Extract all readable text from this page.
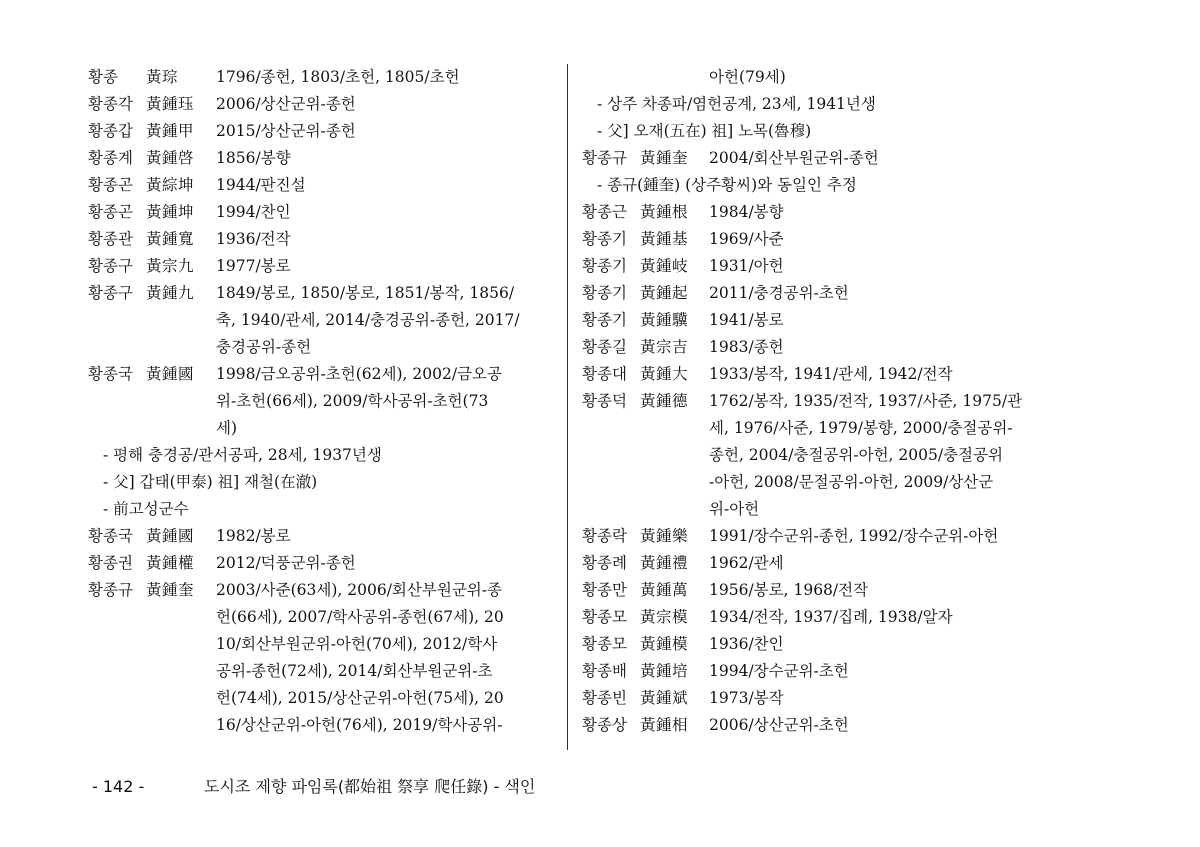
황종 黃琮 1796/종헌, 1803/초헌, 1805/초헌
황종각 黃鍾珏 2006/상산군위-종헌
황종갑 黃鍾甲 2015/상산군위-종헌
황종계 黃鍾啓 1856/봉향
황종곤 黃綜坤 1944/판진설
황종곤 黃鍾坤 1994/찬인
황종관 黃鍾寬 1936/전작
황종구 黃宗九 1977/봉로
황종구 黃鍾九 1849/봉로, 1850/봉로, 1851/봉작, 1856/
축, 1940/관세, 2014/충경공위-종헌, 2017/
충경공위-종헌
황종국 黃鍾國 1998/금오공위-초헌(62세), 2002/금오공
위-초헌(66세), 2009/학사공위-초헌(73
세)
- 평해 충경공/관서공파, 28세, 1937년생
- 父] 갑태(甲泰) 祖] 재철(在澈)
- 前고성군수
황종국 黃鍾國 1982/봉로
황종권 黃鍾權 2012/덕풍군위-종헌
황종규 黃鍾奎 2003/사준(63세), 2006/회산부원군위-종
헌(66세), 2007/학사공위-종헌(67세), 20
10/회산부원군위-아헌(70세), 2012/학사
공위-종헌(72세), 2014/회산부원군위-초
헌(74세), 2015/상산군위-아헌(75세), 20
16/상산군위-아헌(76세), 2019/학사공위-
아헌(79세)
- 상주 차종파/염헌공계, 23세, 1941년생
- 父] 오재(五在) 祖] 노목(魯穆)
황종규 黃鍾奎 2004/회산부원군위-종헌
- 종규(鍾奎) (상주황씨)와 동일인 추정
황종근 黃鍾根 1984/봉향
황종기 黃鍾基 1969/사준
황종기 黃鍾岐 1931/아헌
황종기 黃鍾起 2011/충경공위-초헌
황종기 黃鍾驥 1941/봉로
황종길 黃宗吉 1983/종헌
황종대 黃鍾大 1933/봉작, 1941/관세, 1942/전작
황종덕 黃鍾德 1762/봉작, 1935/전작, 1937/사준, 1975/관
세, 1976/사준, 1979/봉향, 2000/충절공위-
종헌, 2004/충절공위-아헌, 2005/충절공위
-아헌, 2008/문절공위-아헌, 2009/상산군
위-아헌
황종락 黃鍾樂 1991/장수군위-종헌, 1992/장수군위-아헌
황종례 黃鍾禮 1962/관세
황종만 黃鍾萬 1956/봉로, 1968/전작
황종모 黃宗模 1934/전작, 1937/집례, 1938/알자
황종모 黃鍾模 1936/찬인
황종배 黃鍾培 1994/장수군위-초헌
황종빈 黃鍾斌 1973/봉작
황종상 黃鍾相 2006/상산군위-초헌
- 142 -	도시조 제향 파임록(都始祖 祭享 爬任錄) - 색인
